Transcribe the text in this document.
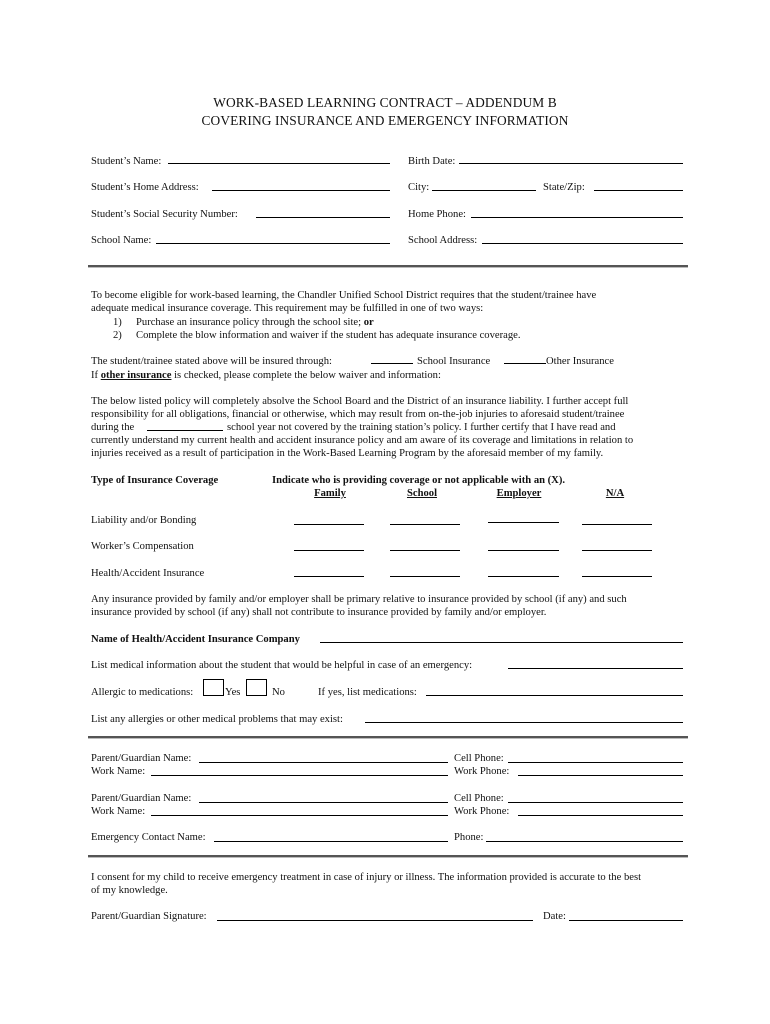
WORK-BASED LEARNING CONTRACT – ADDENDUM B
COVERING INSURANCE AND EMERGENCY INFORMATION
Student’s Name:	Birth Date:
Student’s Home Address:	City:	State/Zip:
Student’s Social Security Number:	Home Phone:
School Name:	School Address:
To become eligible for work-based learning, the Chandler Unified School District requires that the student/trainee have
adequate medical insurance coverage. This requirement may be fulfilled in one of two ways:
1) Purchase an insurance policy through the school site; or
2) Complete the blow information and waiver if the student has adequate insurance coverage.
The student/trainee stated above will be insured through:	School Insurance	Other Insurance
If other insurance is checked, please complete the below waiver and information:
The below listed policy will completely absolve the School Board and the District of an insurance liability. I further accept full
responsibility for all obligations, financial or otherwise, which may result from on-the-job injuries to aforesaid student/trainee
during the	school year not covered by the training station’s policy. I further certify that I have read and
currently understand my current health and accident insurance policy and am aware of its coverage and limitations in relation to
injuries received as a result of participation in the Work-Based Learning Program by the aforesaid member of my family.
Type of Insurance Coverage	Indicate who is providing coverage or not applicable with an (X).
Family	School	Employer	N/A
Liability and/or Bonding
Worker’s Compensation
Health/Accident Insurance
Any insurance provided by family and/or employer shall be primary relative to insurance provided by school (if any) and such
insurance provided by school (if any) shall not contribute to insurance provided by family and/or employer.
Name of Health/Accident Insurance Company
List medical information about the student that would be helpful in case of an emergency:
Allergic to medications:	Yes	No	If yes, list medications:
List any allergies or other medical problems that may exist:
Parent/Guardian Name:	Cell Phone:
Work Name:	Work Phone:
Parent/Guardian Name:	Cell Phone:
Work Name:	Work Phone:
Emergency Contact Name:	Phone:
I consent for my child to receive emergency treatment in case of injury or illness. The information provided is accurate to the best
of my knowledge.
Parent/Guardian Signature:	Date:
